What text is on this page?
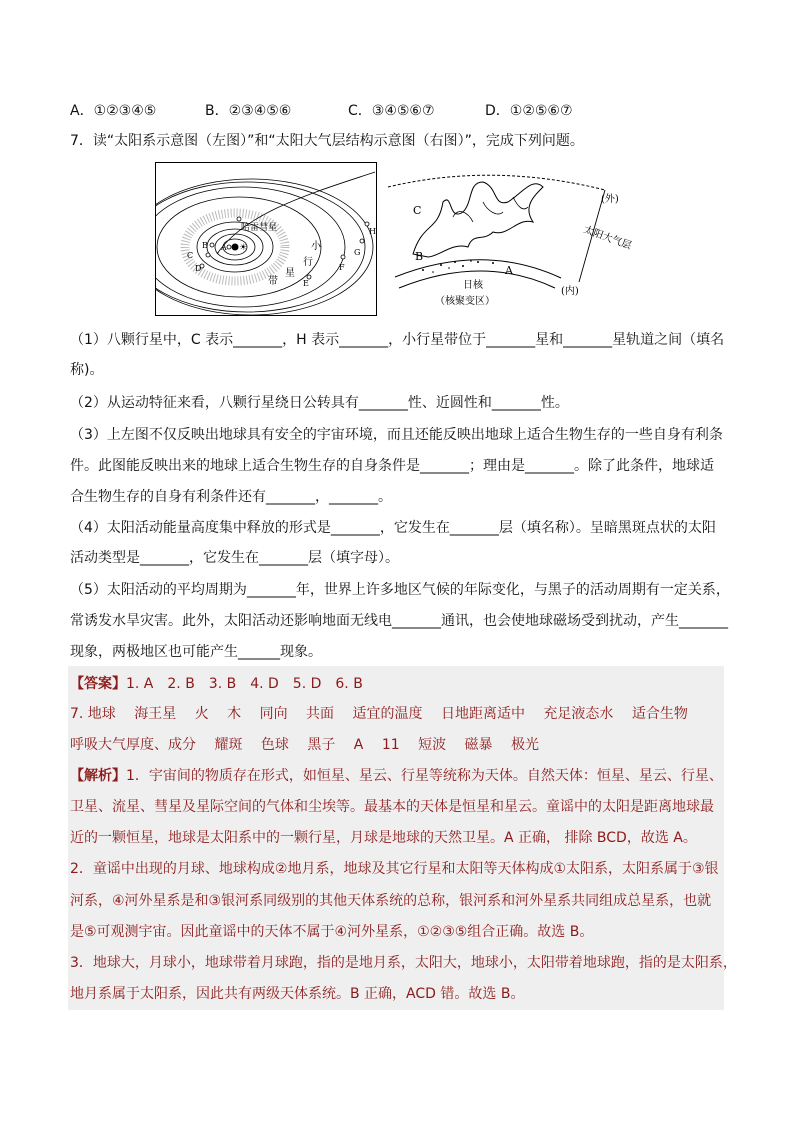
A．①②③④⑤	B．②③④⑤⑥	C．③④⑤⑥⑦	D．①②⑤⑥⑦
7．读“太阳系示意图（左图）”和“太阳大气层结构示意图（右图）”，完成下列问题。
☀
哈雷彗星
小
行
星
带
A
B
C
D
E
F
G
H
C
B
A
(外)
(内)
太阳大气层
日核
（核聚变区）
（1）八颗行星中，C 表示_______，H 表示_______，小行星带位于_______星和_______星轨道之间（填名
称)。
（2）从运动特征来看，八颗行星绕日公转具有_______性、近圆性和_______性。
（3）上左图不仅反映出地球具有安全的宇宙环境，而且还能反映出地球上适合生物生存的一些自身有利条
件。此图能反映出来的地球上适合生物生存的自身条件是_______；理由是_______。除了此条件，地球适
合生物生存的自身有利条件还有_______，_______。
（4）太阳活动能量高度集中释放的形式是_______，它发生在_______层（填名称）。呈暗黑斑点状的太阳
活动类型是_______，它发生在_______层（填字母）。
（5）太阳活动的平均周期为_______年，世界上许多地区气候的年际变化，与黑子的活动周期有一定关系，
常诱发水旱灾害。此外，太阳活动还影响地面无线电_______通讯，也会使地球磁场受到扰动，产生_______
现象，两极地区也可能产生______现象。
【答案】1. A　2. B　3. B　4. D　5. D　6. B
7. 地球　 海王星　 火　 木　 同向　 共面　 适宜的温度　 日地距离适中　 充足液态水　 适合生物
呼吸大气厚度、成分　 耀斑　 色球　 黑子　 A　 11　 短波　 磁暴　 极光
【解析】1．宇宙间的物质存在形式，如恒星、星云、行星等统称为天体。自然天体：恒星、星云、行星、
卫星、流星、彗星及星际空间的气体和尘埃等。最基本的天体是恒星和星云。童谣中的太阳是距离地球最
近的一颗恒星，地球是太阳系中的一颗行星，月球是地球的天然卫星。A 正确， 排除 BCD，故选 A。
2．童谣中出现的月球、地球构成②地月系，地球及其它行星和太阳等天体构成①太阳系，太阳系属于③银
河系，④河外星系是和③银河系同级别的其他天体系统的总称，银河系和河外星系共同组成总星系，也就
是⑤可观测宇宙。因此童谣中的天体不属于④河外星系，①②③⑤组合正确。故选 B。
3．地球大，月球小，地球带着月球跑，指的是地月系，太阳大，地球小，太阳带着地球跑，指的是太阳系，
地月系属于太阳系，因此共有两级天体系统。B 正确，ACD 错。故选 B。
